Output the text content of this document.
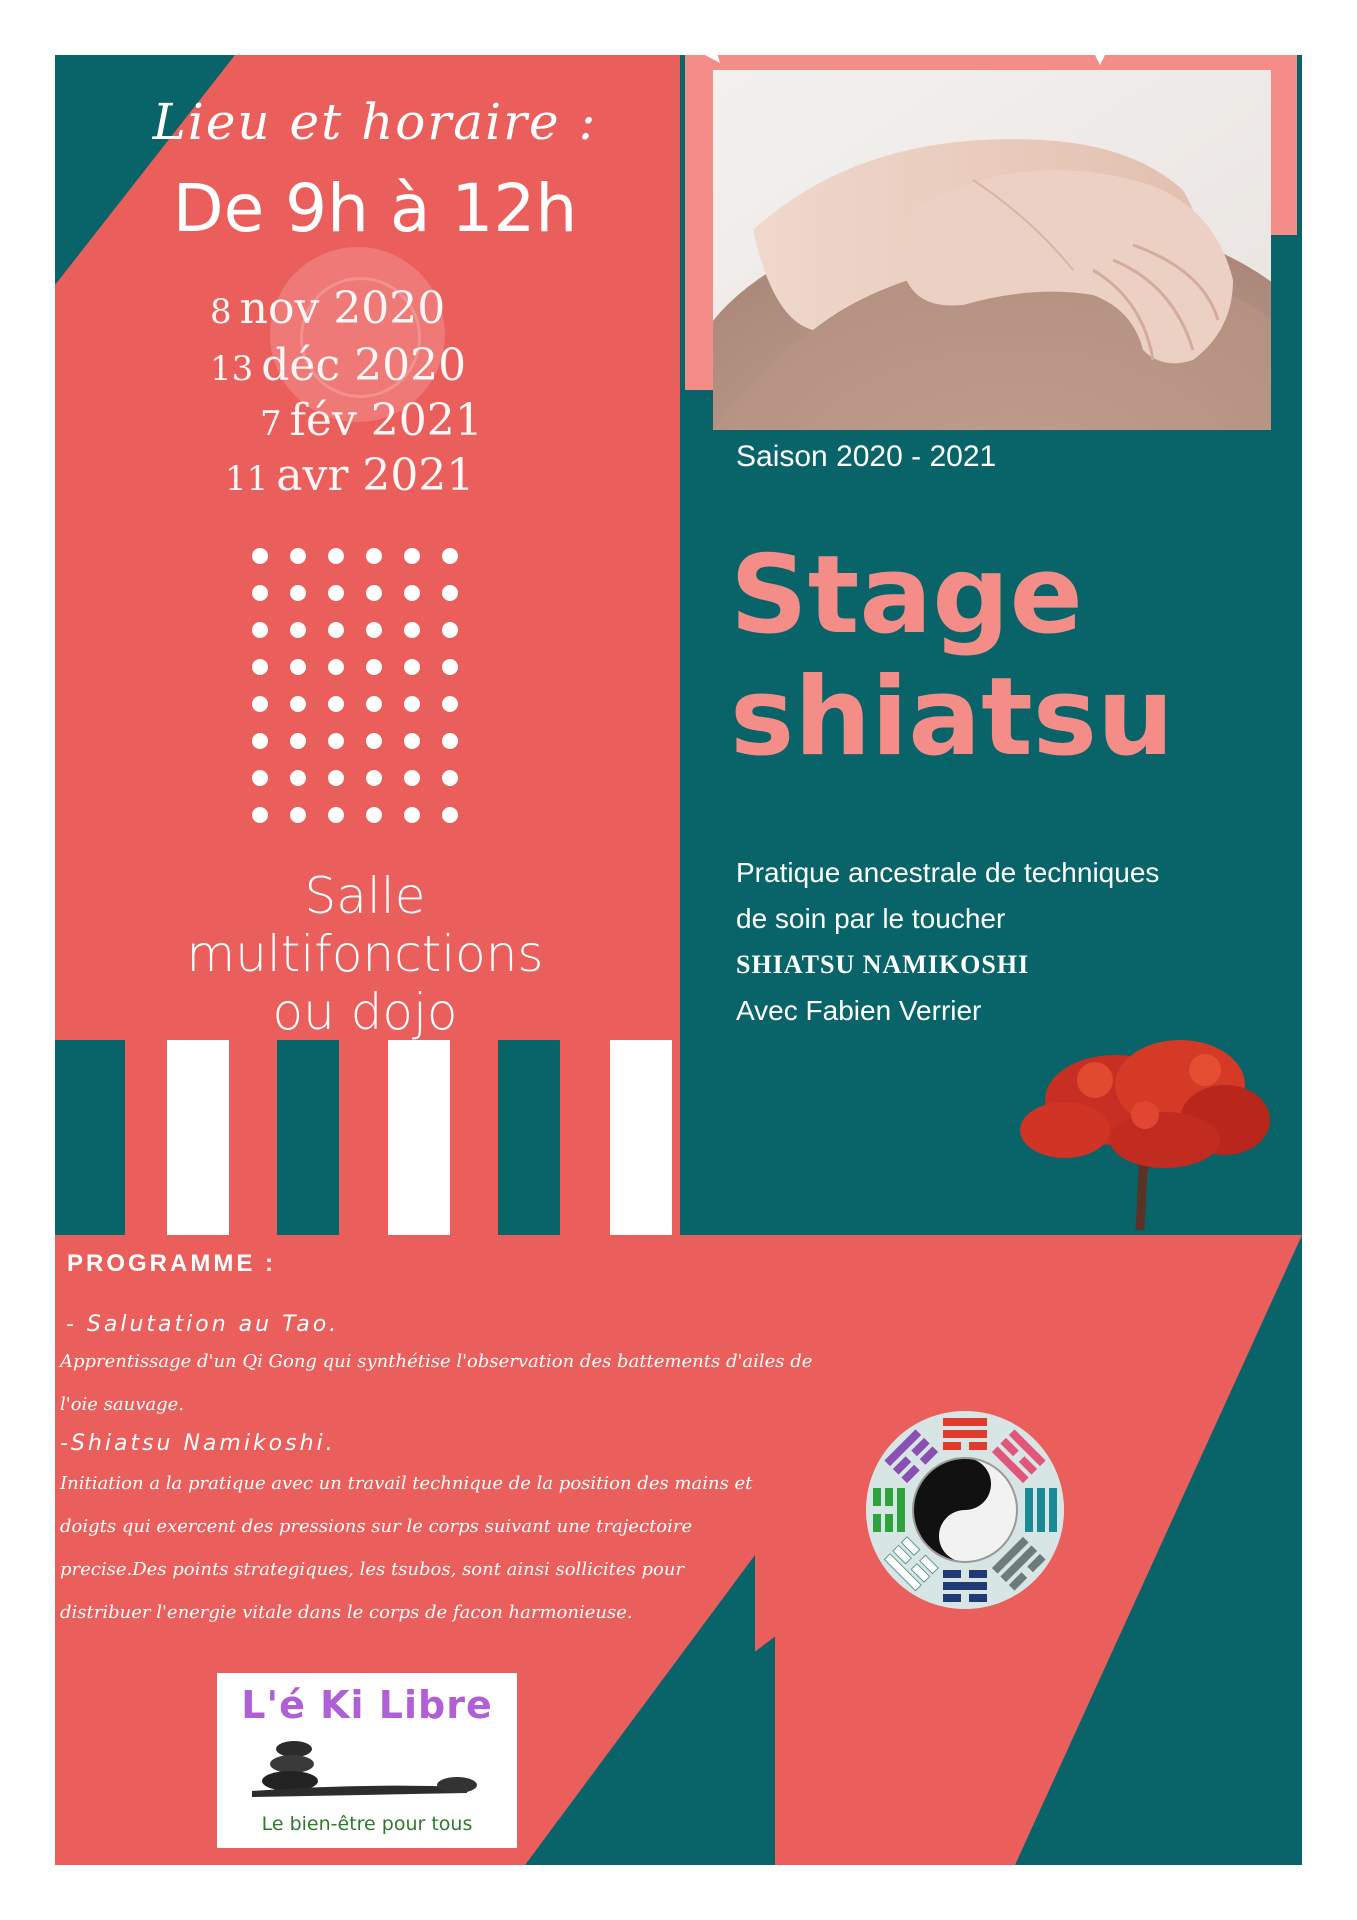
Lieu et horaire :
De 9h à 12h
8 nov 2020
13 déc 2020
7 fév 2021
11 avr 2021
Salle
multifonctions
ou dojo
Saison 2020 - 2021
Stage
shiatsu
Pratique ancestrale de techniques
de soin par le toucher
SHIATSU NAMIKOSHI
Avec Fabien Verrier
PROGRAMME :
- Salutation au Tao.
Apprentissage d'un Qi Gong qui synthétise l'observation des battements d'ailes de
l'oie sauvage.
-Shiatsu Namikoshi.
Initiation a la pratique avec un travail technique de la position des mains et
doigts qui exercent des pressions sur le corps suivant une trajectoire
precise.Des points strategiques, les tsubos, sont ainsi sollicites pour
distribuer l'energie vitale dans le corps de facon harmonieuse.
L'é Ki Libre
Le bien-être pour tous
